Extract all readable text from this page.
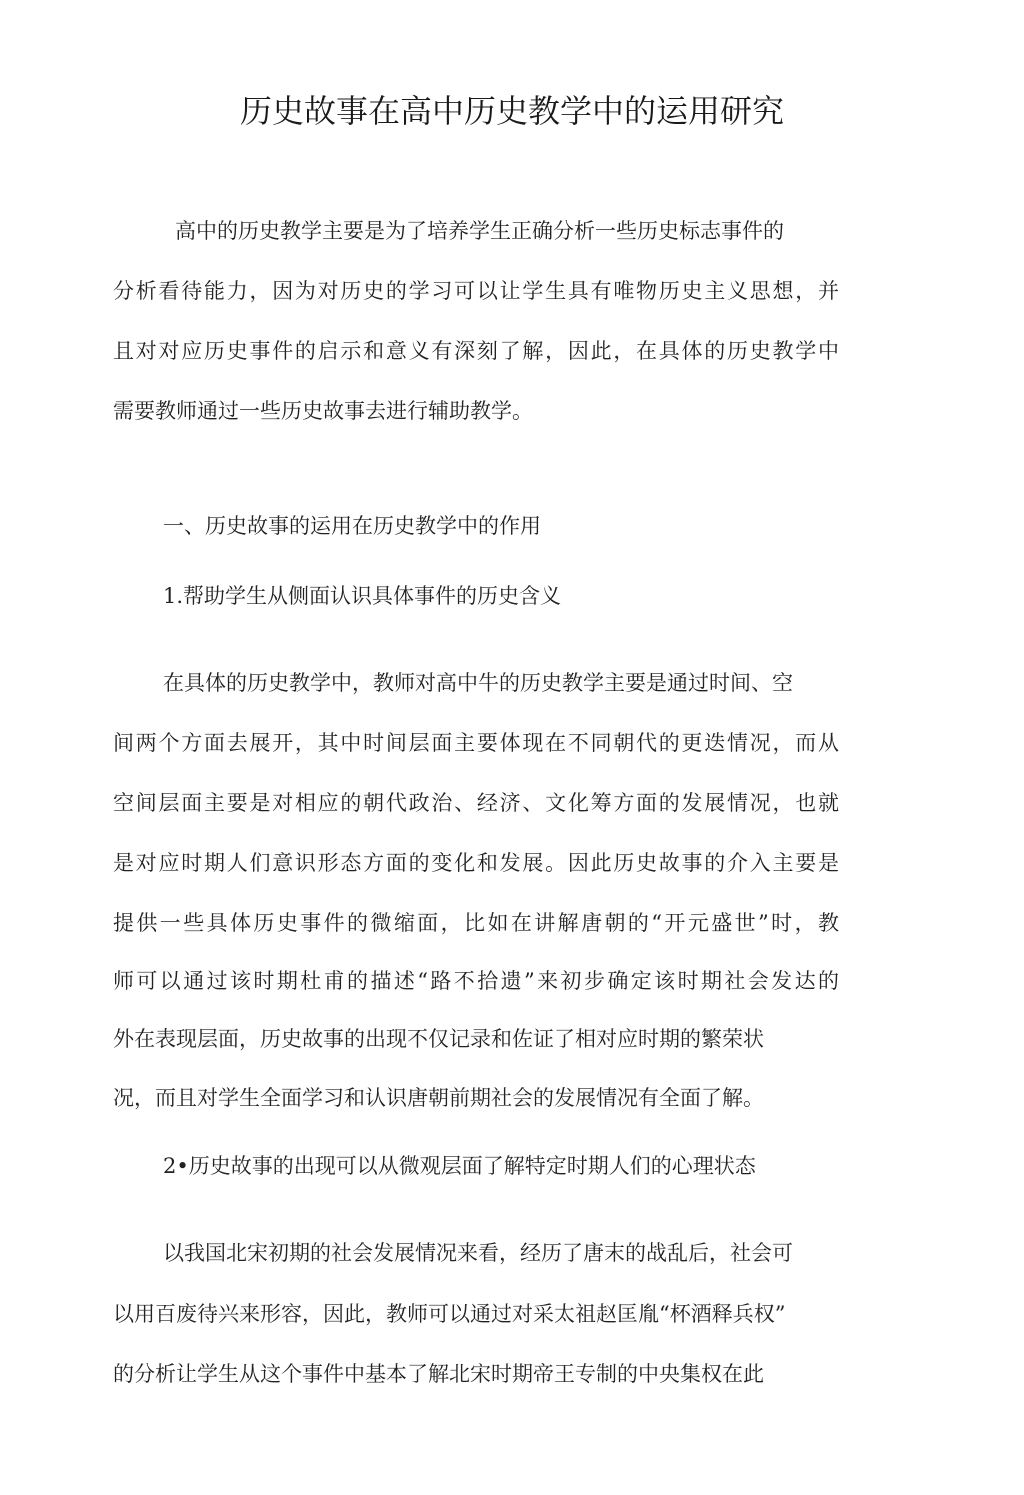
历史故事在高中历史教学中的运用研究

高中的历史教学主要是为了培养学生正确分析一些历史标志事件的

分析看待能力，因为对历史的学习可以让学生具有唯物历史主义思想，并

且对对应历史事件的启示和意义有深刻了解，因此，在具体的历史教学中

需要教师通过一些历史故事去进行辅助教学。

一、历史故事的运用在历史教学中的作用

1.帮助学生从侧面认识具体事件的历史含义

在具体的历史教学中，教师对高中牛的历史教学主要是通过时间、空

间两个方面去展开，其中时间层面主要体现在不同朝代的更迭情况，而从

空间层面主要是对相应的朝代政治、经济、文化筹方面的发展情况，也就

是对应时期人们意识形态方面的变化和发展。因此历史故事的介入主要是

提供一些具体历史事件的微缩面，比如在讲解唐朝的“开元盛世”时，教

师可以通过该时期杜甫的描述“路不拾遗”来初步确定该时期社会发达的

外在表现层面，历史故事的出现不仅记录和佐证了相对应时期的繁荣状

况，而且对学生全面学习和认识唐朝前期社会的发展情况有全面了解。

2•历史故事的出现可以从微观层面了解特定时期人们的心理状态

以我国北宋初期的社会发展情况来看，经历了唐末的战乱后，社会可

以用百废待兴来形容，因此，教师可以通过对采太祖赵匡胤“杯酒释兵权”

的分析让学生从这个事件中基本了解北宋时期帝王专制的中央集权在此
